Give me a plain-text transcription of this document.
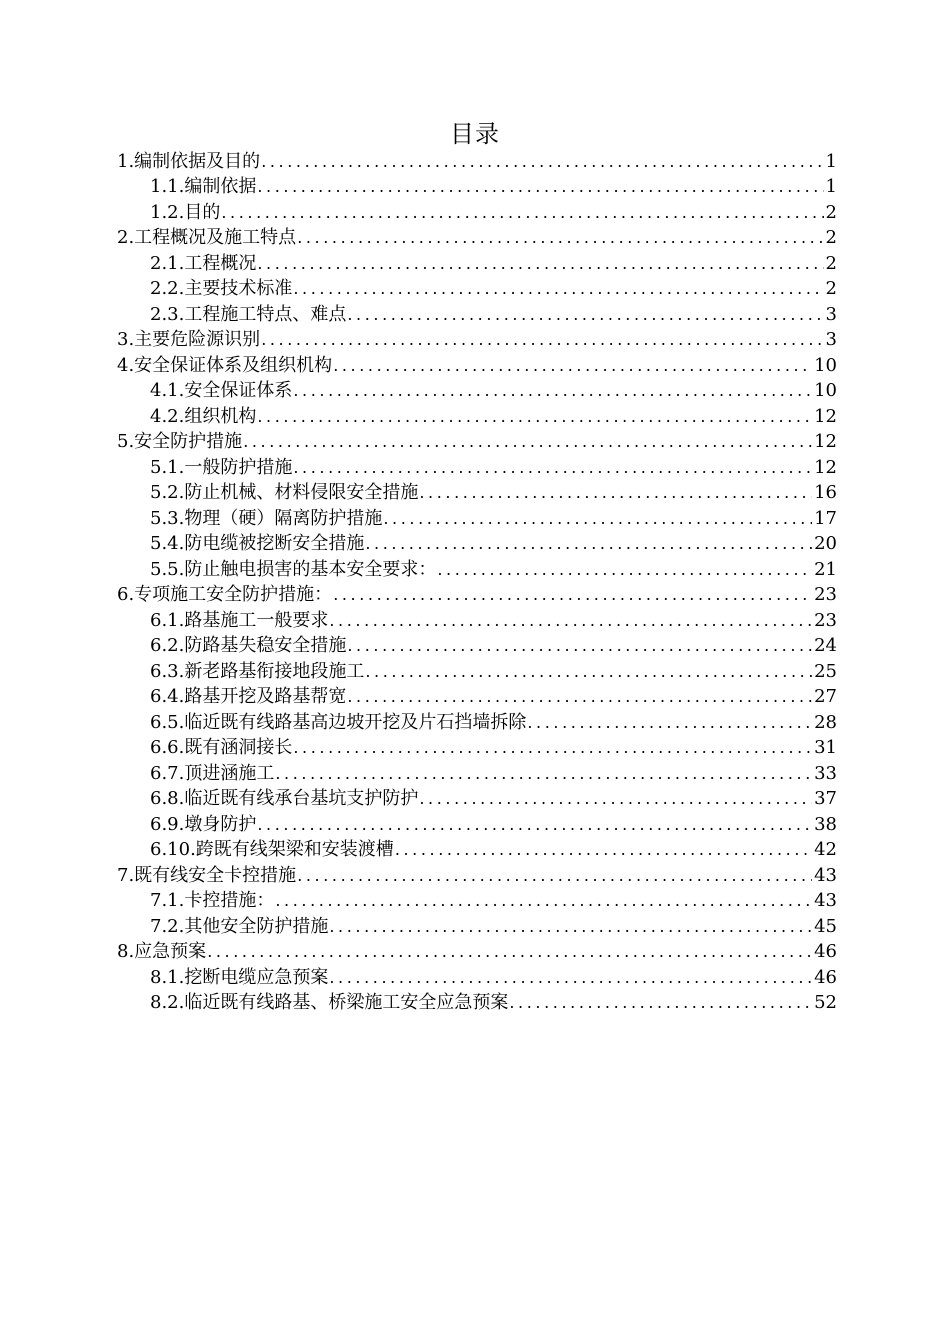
目录
1.编制依据及目的 .....	1
1.1.编制依据 .....	1
1.2.目的 .....	2
2.工程概况及施工特点 .....	2
2.1.工程概况 .....	2
2.2.主要技术标准 .....	2
2.3.工程施工特点、难点 .....	3
3.主要危险源识别 .....	3
4.安全保证体系及组织机构 .....	10
4.1.安全保证体系 .....	10
4.2.组织机构 .....	12
5.安全防护措施 .....	12
5.1.一般防护措施 .....	12
5.2.防止机械、材料侵限安全措施 .....	16
5.3.物理（硬）隔离防护措施 .....	17
5.4.防电缆被挖断安全措施 .....	20
5.5.防止触电损害的基本安全要求： .....	21
6.专项施工安全防护措施： .....	23
6.1.路基施工一般要求 .....	23
6.2.防路基失稳安全措施 .....	24
6.3.新老路基衔接地段施工 .....	25
6.4.路基开挖及路基帮宽 .....	27
6.5.临近既有线路基高边坡开挖及片石挡墙拆除 .....	28
6.6.既有涵洞接长 .....	31
6.7.顶进涵施工 .....	33
6.8.临近既有线承台基坑支护防护 .....	37
6.9.墩身防护 .....	38
6.10.跨既有线架梁和安装渡槽 .....	42
7.既有线安全卡控措施 .....	43
7.1.卡控措施： .....	43
7.2.其他安全防护措施 .....	45
8.应急预案 .....	46
8.1.挖断电缆应急预案 .....	46
8.2.临近既有线路基、桥梁施工安全应急预案 .....	52
